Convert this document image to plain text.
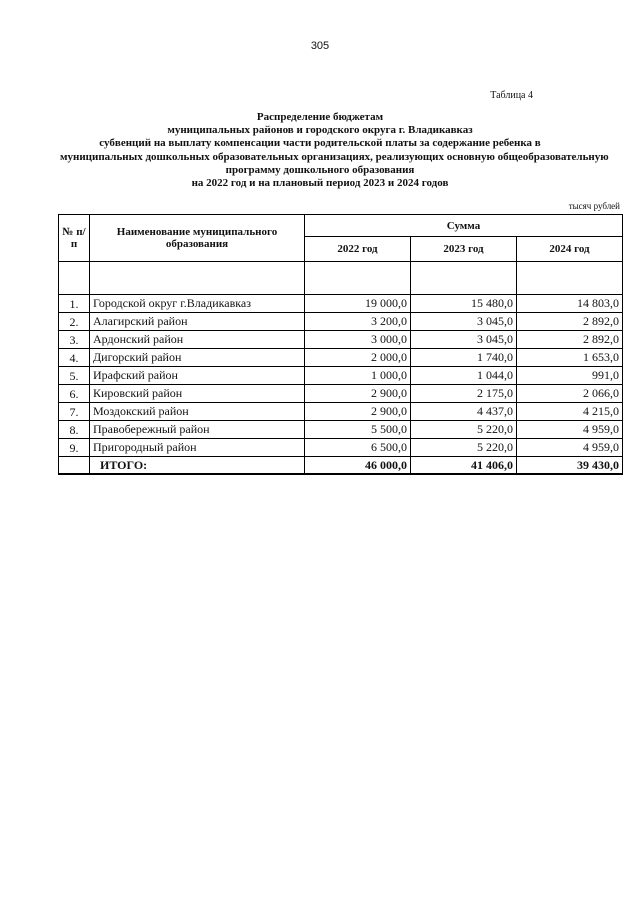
305
Таблица 4
Распределение бюджетам
муниципальных районов и городского округа г. Владикавказ
субвенций на выплату компенсации части родительской платы за содержание ребенка в
муниципальных дошкольных образовательных организациях, реализующих основную общеобразовательную
программу дошкольного образования
на 2022 год и на плановый период 2023 и 2024 годов
тысяч рублей
№ п/п	Наименование муниципального образования	Сумма		
		2022 год	2023 год	2024 год

1.	Городской округ г.Владикавказ	19 000,0	15 480,0	14 803,0
2.	Алагирский район	3 200,0	3 045,0	2 892,0
3.	Ардонский район	3 000,0	3 045,0	2 892,0
4.	Дигорский район	2 000,0	1 740,0	1 653,0
5.	Ирафский район	1 000,0	1 044,0	991,0
6.	Кировский район	2 900,0	2 175,0	2 066,0
7.	Моздокский район	2 900,0	4 437,0	4 215,0
8.	Правобережный район	5 500,0	5 220,0	4 959,0
9.	Пригородный район	6 500,0	5 220,0	4 959,0
	ИТОГО:	46 000,0	41 406,0	39 430,0
